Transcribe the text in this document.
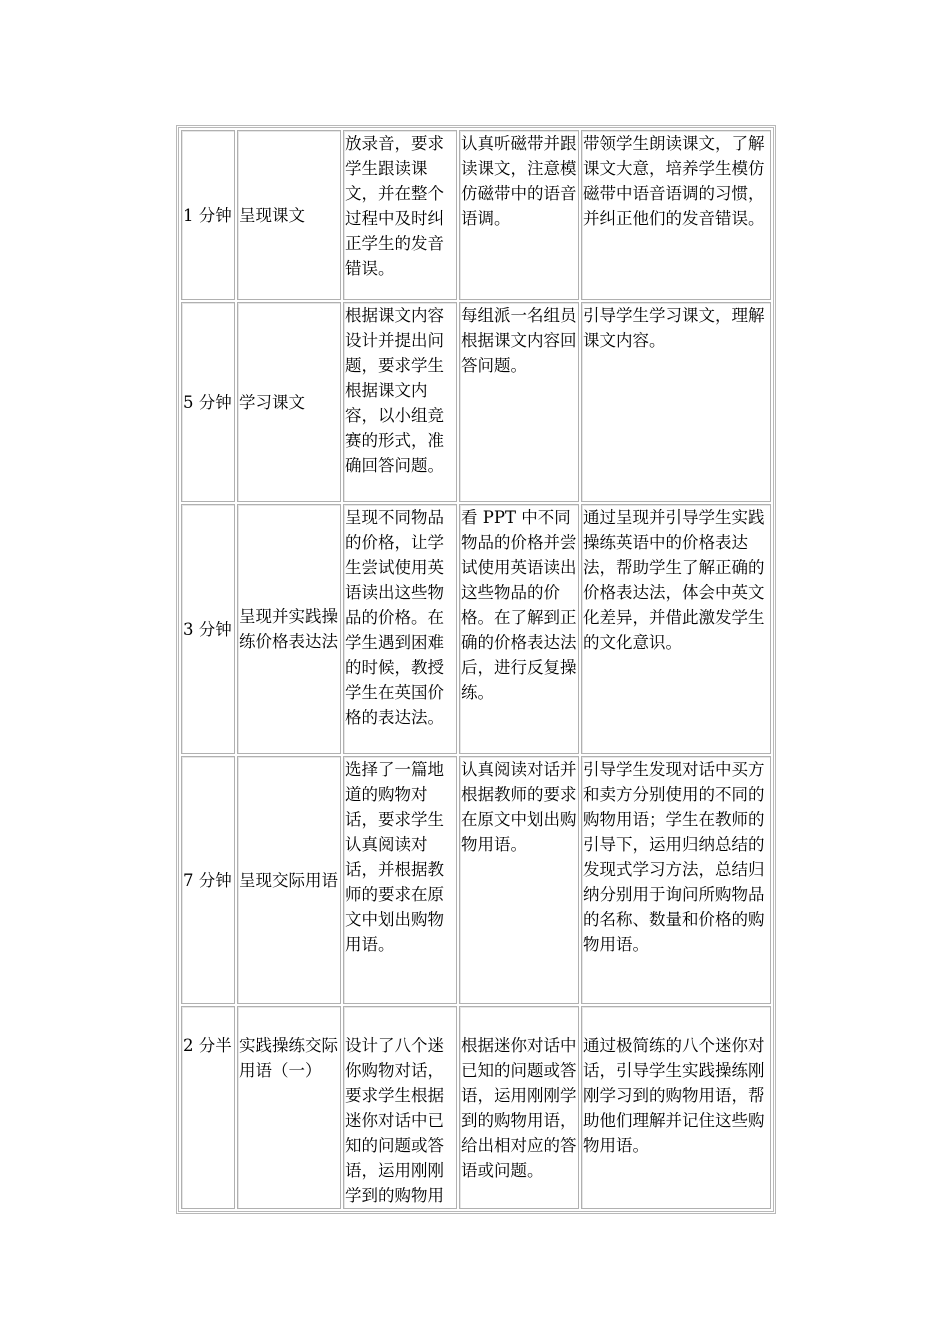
1 分钟	呈现课文	放录音，要求学生跟读课文，并在整个过程中及时纠正学生的发音错误。	认真听磁带并跟读课文，注意模仿磁带中的语音语调。	带领学生朗读课文，了解课文大意，培养学生模仿磁带中语音语调的习惯，并纠正他们的发音错误。
5 分钟	学习课文	根据课文内容设计并提出问题，要求学生根据课文内容，以小组竞赛的形式，准确回答问题。	每组派一名组员根据课文内容回答问题。	引导学生学习课文，理解课文内容。
3 分钟	呈现并实践操练价格表达法	呈现不同物品的价格，让学生尝试使用英语读出这些物品的价格。在学生遇到困难的时候，教授学生在英国价格的表达法。	看 PPT 中不同物品的价格并尝试使用英语读出这些物品的价格。在了解到正确的价格表达法后，进行反复操练。	通过呈现并引导学生实践操练英语中的价格表达法，帮助学生了解正确的价格表达法，体会中英文化差异，并借此激发学生的文化意识。
7 分钟	呈现交际用语	选择了一篇地道的购物对话，要求学生认真阅读对话，并根据教师的要求在原文中划出购物用语。	认真阅读对话并根据教师的要求在原文中划出购物用语。	引导学生发现对话中买方和卖方分别使用的不同的购物用语；学生在教师的引导下，运用归纳总结的发现式学习方法，总结归纳分别用于询问所购物品的名称、数量和价格的购物用语。
2 分半	实践操练交际用语（一）	设计了八个迷你购物对话，要求学生根据迷你对话中已知的问题或答语，运用刚刚学到的购物用	根据迷你对话中已知的问题或答语，运用刚刚学到的购物用语，给出相对应的答语或问题。	通过极简练的八个迷你对话，引导学生实践操练刚刚学习到的购物用语，帮助他们理解并记住这些购物用语。
